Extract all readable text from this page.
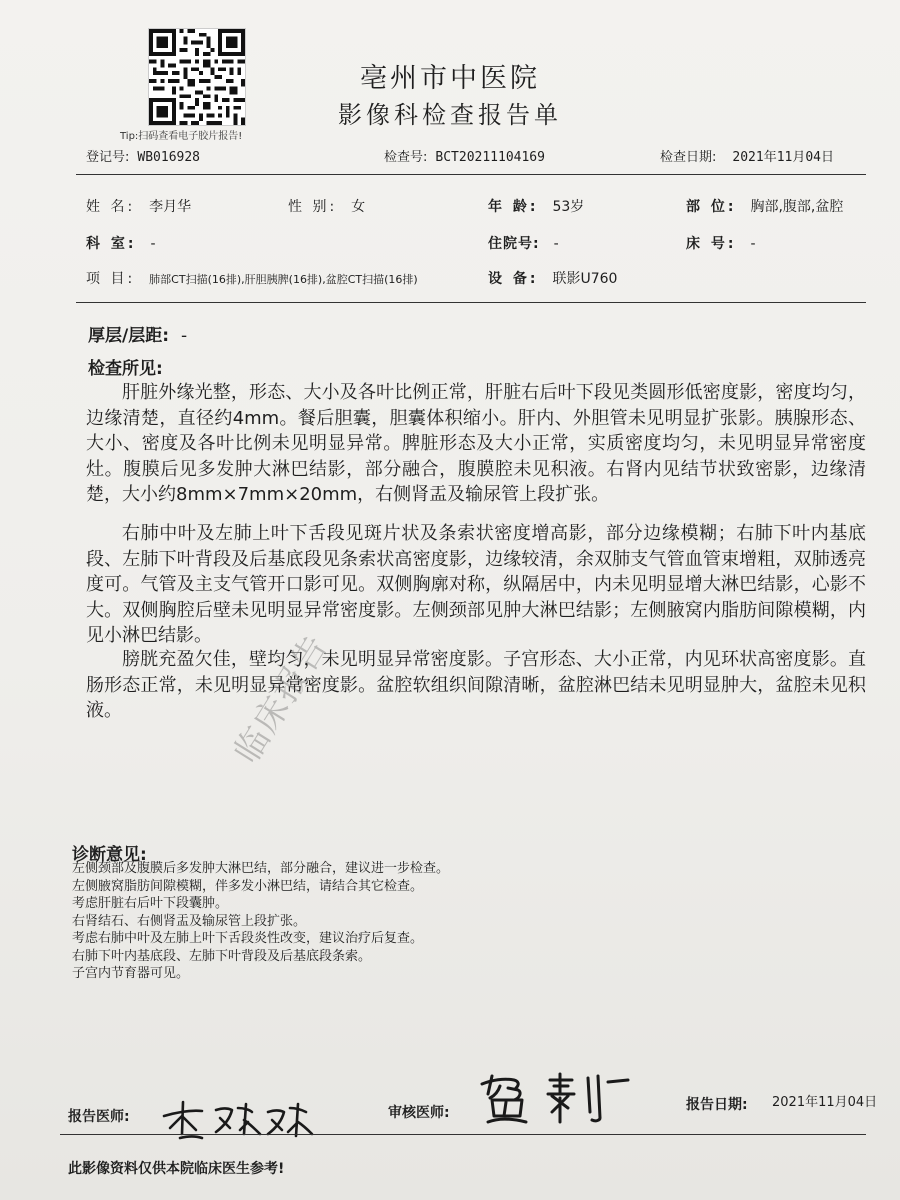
Tip:扫码查看电子胶片报告!
亳州市中医院
影像科检查报告单
登记号: WB016928	检查号: BCT20211104169	检查日期: 2021年11月04日
姓 名: 李月华	性 别: 女	年 龄: 53岁	部 位: 胸部,腹部,盆腔
科 室: -	住院号: -	床 号: -
项 目: 肺部CT扫描(16排),肝胆胰脾(16排),盆腔CT扫描(16排)	设 备: 联影U760
厚层/层距: -
检查所见:
肝脏外缘光整，形态、大小及各叶比例正常，肝脏右后叶下段见类圆形低密度影，密度均匀，边缘清楚，直径约4mm。餐后胆囊，胆囊体积缩小。肝内、外胆管未见明显扩张影。胰腺形态、大小、密度及各叶比例未见明显异常。脾脏形态及大小正常，实质密度均匀，未见明显异常密度灶。腹膜后见多发肿大淋巴结影，部分融合，腹膜腔未见积液。右肾内见结节状致密影，边缘清楚，大小约8mm×7mm×20mm，右侧肾盂及输尿管上段扩张。
右肺中叶及左肺上叶下舌段见斑片状及条索状密度增高影，部分边缘模糊；右肺下叶内基底段、左肺下叶背段及后基底段见条索状高密度影，边缘较清，余双肺支气管血管束增粗，双肺透亮度可。气管及主支气管开口影可见。双侧胸廓对称，纵隔居中，内未见明显增大淋巴结影，心影不大。双侧胸腔后壁未见明显异常密度影。左侧颈部见肿大淋巴结影；左侧腋窝内脂肪间隙模糊，内见小淋巴结影。
膀胱充盈欠佳，壁均匀，未见明显异常密度影。子宫形态、大小正常，内见环状高密度影。直肠形态正常，未见明显异常密度影。盆腔软组织间隙清晰，盆腔淋巴结未见明显肿大，盆腔未见积液。	临床报告
诊断意见:
左侧颈部及腹膜后多发肿大淋巴结，部分融合，建议进一步检查。
左侧腋窝脂肪间隙模糊，伴多发小淋巴结，请结合其它检查。
考虑肝脏右后叶下段囊肿。
右肾结石、右侧肾盂及输尿管上段扩张。
考虑右肺中叶及左肺上叶下舌段炎性改变，建议治疗后复查。
右肺下叶内基底段、左肺下叶背段及后基底段条索。
子宫内节育器可见。
报告医师:	审核医师:	报告日期: 2021年11月04日
此影像资料仅供本院临床医生参考!
